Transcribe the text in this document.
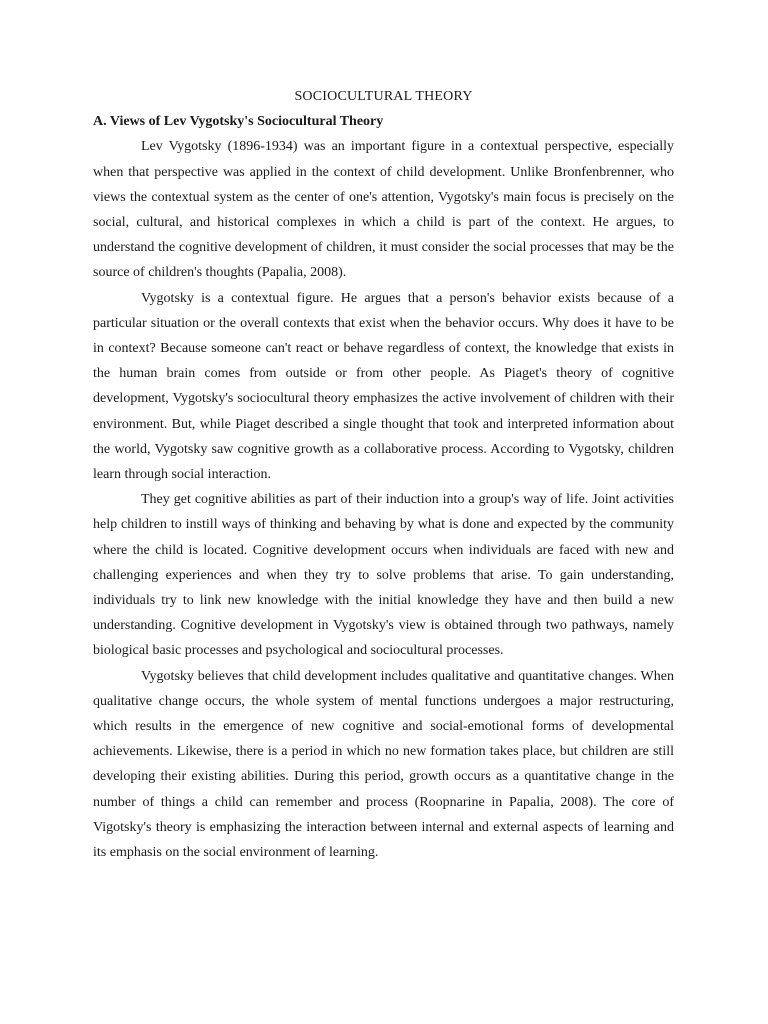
SOCIOCULTURAL THEORY
A. Views of Lev Vygotsky's Sociocultural Theory

Lev Vygotsky (1896-1934) was an important figure in a contextual perspective, especially when that perspective was applied in the context of child development. Unlike Bronfenbrenner, who views the contextual system as the center of one's attention, Vygotsky's main focus is precisely on the social, cultural, and historical complexes in which a child is part of the context. He argues, to understand the cognitive development of children, it must consider the social processes that may be the source of children's thoughts (Papalia, 2008).

Vygotsky is a contextual figure. He argues that a person's behavior exists because of a particular situation or the overall contexts that exist when the behavior occurs. Why does it have to be in context? Because someone can't react or behave regardless of context, the knowledge that exists in the human brain comes from outside or from other people. As Piaget's theory of cognitive development, Vygotsky's sociocultural theory emphasizes the active involvement of children with their environment. But, while Piaget described a single thought that took and interpreted information about the world, Vygotsky saw cognitive growth as a collaborative process. According to Vygotsky, children learn through social interaction.

They get cognitive abilities as part of their induction into a group's way of life. Joint activities help children to instill ways of thinking and behaving by what is done and expected by the community where the child is located. Cognitive development occurs when individuals are faced with new and challenging experiences and when they try to solve problems that arise. To gain understanding, individuals try to link new knowledge with the initial knowledge they have and then build a new understanding. Cognitive development in Vygotsky's view is obtained through two pathways, namely biological basic processes and psychological and sociocultural processes.

Vygotsky believes that child development includes qualitative and quantitative changes. When qualitative change occurs, the whole system of mental functions undergoes a major restructuring, which results in the emergence of new cognitive and social-emotional forms of developmental achievements. Likewise, there is a period in which no new formation takes place, but children are still developing their existing abilities. During this period, growth occurs as a quantitative change in the number of things a child can remember and process (Roopnarine in Papalia, 2008). The core of Vigotsky's theory is emphasizing the interaction between internal and external aspects of learning and its emphasis on the social environment of learning.
